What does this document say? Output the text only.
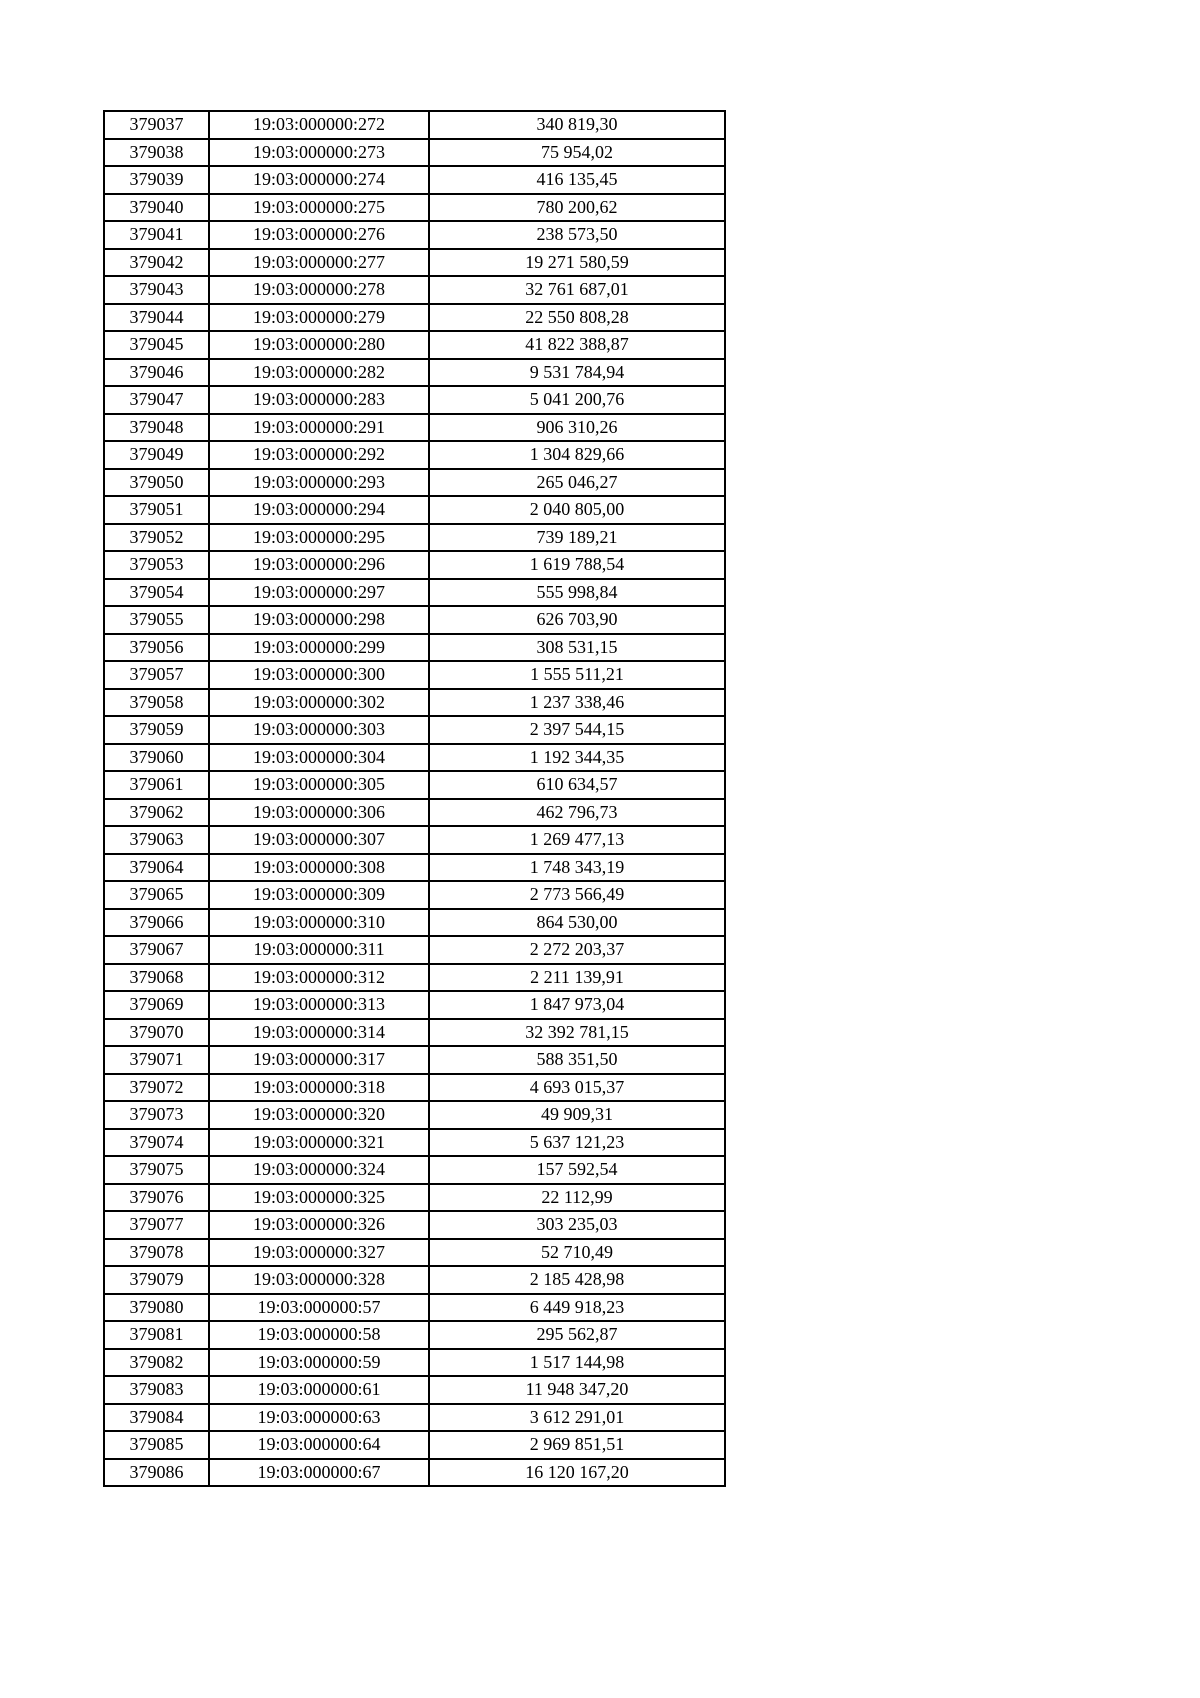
379037	19:03:000000:272	340 819,30
379038	19:03:000000:273	75 954,02
379039	19:03:000000:274	416 135,45
379040	19:03:000000:275	780 200,62
379041	19:03:000000:276	238 573,50
379042	19:03:000000:277	19 271 580,59
379043	19:03:000000:278	32 761 687,01
379044	19:03:000000:279	22 550 808,28
379045	19:03:000000:280	41 822 388,87
379046	19:03:000000:282	9 531 784,94
379047	19:03:000000:283	5 041 200,76
379048	19:03:000000:291	906 310,26
379049	19:03:000000:292	1 304 829,66
379050	19:03:000000:293	265 046,27
379051	19:03:000000:294	2 040 805,00
379052	19:03:000000:295	739 189,21
379053	19:03:000000:296	1 619 788,54
379054	19:03:000000:297	555 998,84
379055	19:03:000000:298	626 703,90
379056	19:03:000000:299	308 531,15
379057	19:03:000000:300	1 555 511,21
379058	19:03:000000:302	1 237 338,46
379059	19:03:000000:303	2 397 544,15
379060	19:03:000000:304	1 192 344,35
379061	19:03:000000:305	610 634,57
379062	19:03:000000:306	462 796,73
379063	19:03:000000:307	1 269 477,13
379064	19:03:000000:308	1 748 343,19
379065	19:03:000000:309	2 773 566,49
379066	19:03:000000:310	864 530,00
379067	19:03:000000:311	2 272 203,37
379068	19:03:000000:312	2 211 139,91
379069	19:03:000000:313	1 847 973,04
379070	19:03:000000:314	32 392 781,15
379071	19:03:000000:317	588 351,50
379072	19:03:000000:318	4 693 015,37
379073	19:03:000000:320	49 909,31
379074	19:03:000000:321	5 637 121,23
379075	19:03:000000:324	157 592,54
379076	19:03:000000:325	22 112,99
379077	19:03:000000:326	303 235,03
379078	19:03:000000:327	52 710,49
379079	19:03:000000:328	2 185 428,98
379080	19:03:000000:57	6 449 918,23
379081	19:03:000000:58	295 562,87
379082	19:03:000000:59	1 517 144,98
379083	19:03:000000:61	11 948 347,20
379084	19:03:000000:63	3 612 291,01
379085	19:03:000000:64	2 969 851,51
379086	19:03:000000:67	16 120 167,20
